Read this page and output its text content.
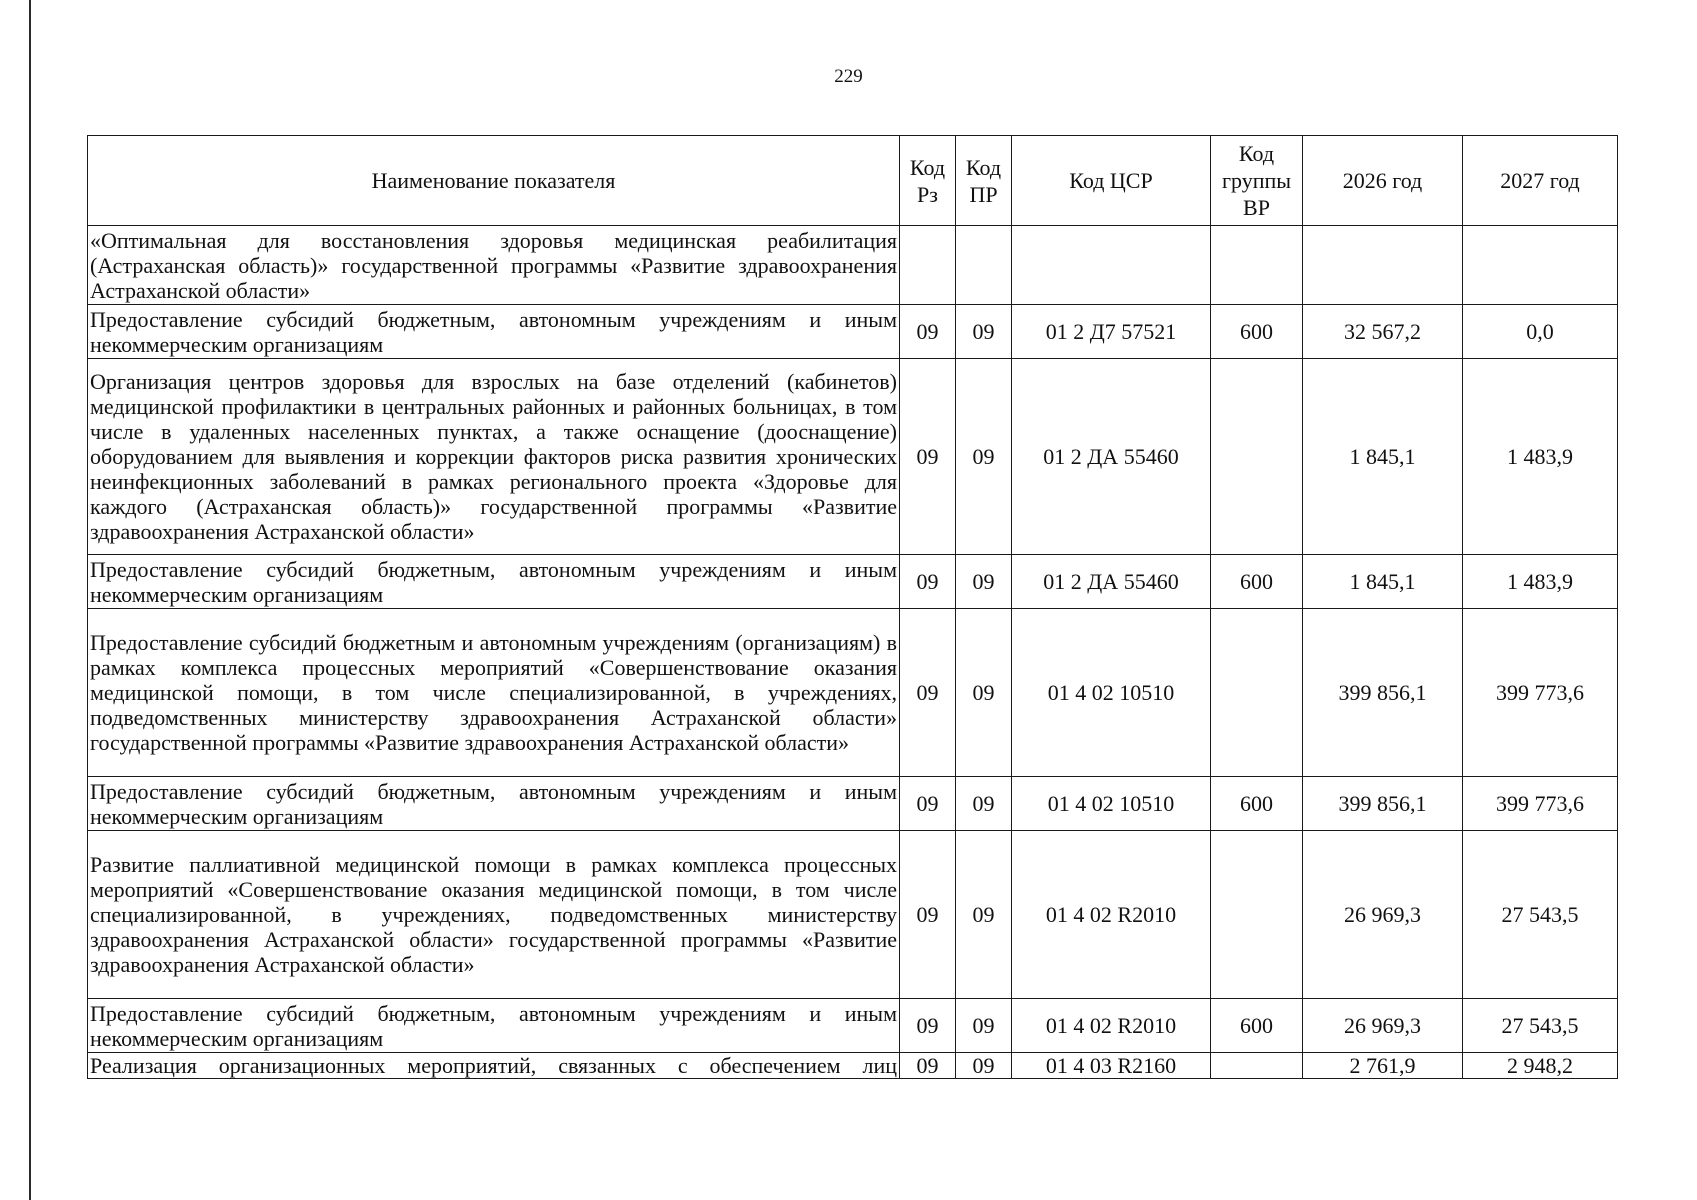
229
Наименование показателя	Код Рз	Код ПР	Код ЦСР	Код группы ВР	2026 год	2027 год
«Оптимальная для восстановления здоровья медицинская реабилитация (Астраханская область)» государственной программы «Развитие здравоохранения Астраханской области»						
Предоставление субсидий бюджетным, автономным учреждениям и иным некоммерческим организациям	09	09	01 2 Д7 57521	600	32 567,2	0,0
Организация центров здоровья для взрослых на базе отделений (кабинетов) медицинской профилактики в центральных районных и районных больницах, в том числе в удаленных населенных пунктах, а также оснащение (дооснащение) оборудованием для выявления и коррекции факторов риска развития хронических неинфекционных заболеваний в рамках регионального проекта «Здоровье для каждого (Астраханская область)» государственной программы «Развитие здравоохранения Астраханской области»	09	09	01 2 ДА 55460		1 845,1	1 483,9
Предоставление субсидий бюджетным, автономным учреждениям и иным некоммерческим организациям	09	09	01 2 ДА 55460	600	1 845,1	1 483,9
Предоставление субсидий бюджетным и автономным учреждениям (организациям) в рамках комплекса процессных мероприятий «Совершенствование оказания медицинской помощи, в том числе специализированной, в учреждениях, подведомственных министерству здравоохранения Астраханской области» государственной программы «Развитие здравоохранения Астраханской области»	09	09	01 4 02 10510		399 856,1	399 773,6
Предоставление субсидий бюджетным, автономным учреждениям и иным некоммерческим организациям	09	09	01 4 02 10510	600	399 856,1	399 773,6
Развитие паллиативной медицинской помощи в рамках комплекса процессных мероприятий «Совершенствование оказания медицинской помощи, в том числе специализированной, в учреждениях, подведомственных министерству здравоохранения Астраханской области» государственной программы «Развитие здравоохранения Астраханской области»	09	09	01 4 02 R2010		26 969,3	27 543,5
Предоставление субсидий бюджетным, автономным учреждениям и иным некоммерческим организациям	09	09	01 4 02 R2010	600	26 969,3	27 543,5
Реализация организационных мероприятий, связанных с обеспечением лиц	09	09	01 4 03 R2160		2 761,9	2 948,2
